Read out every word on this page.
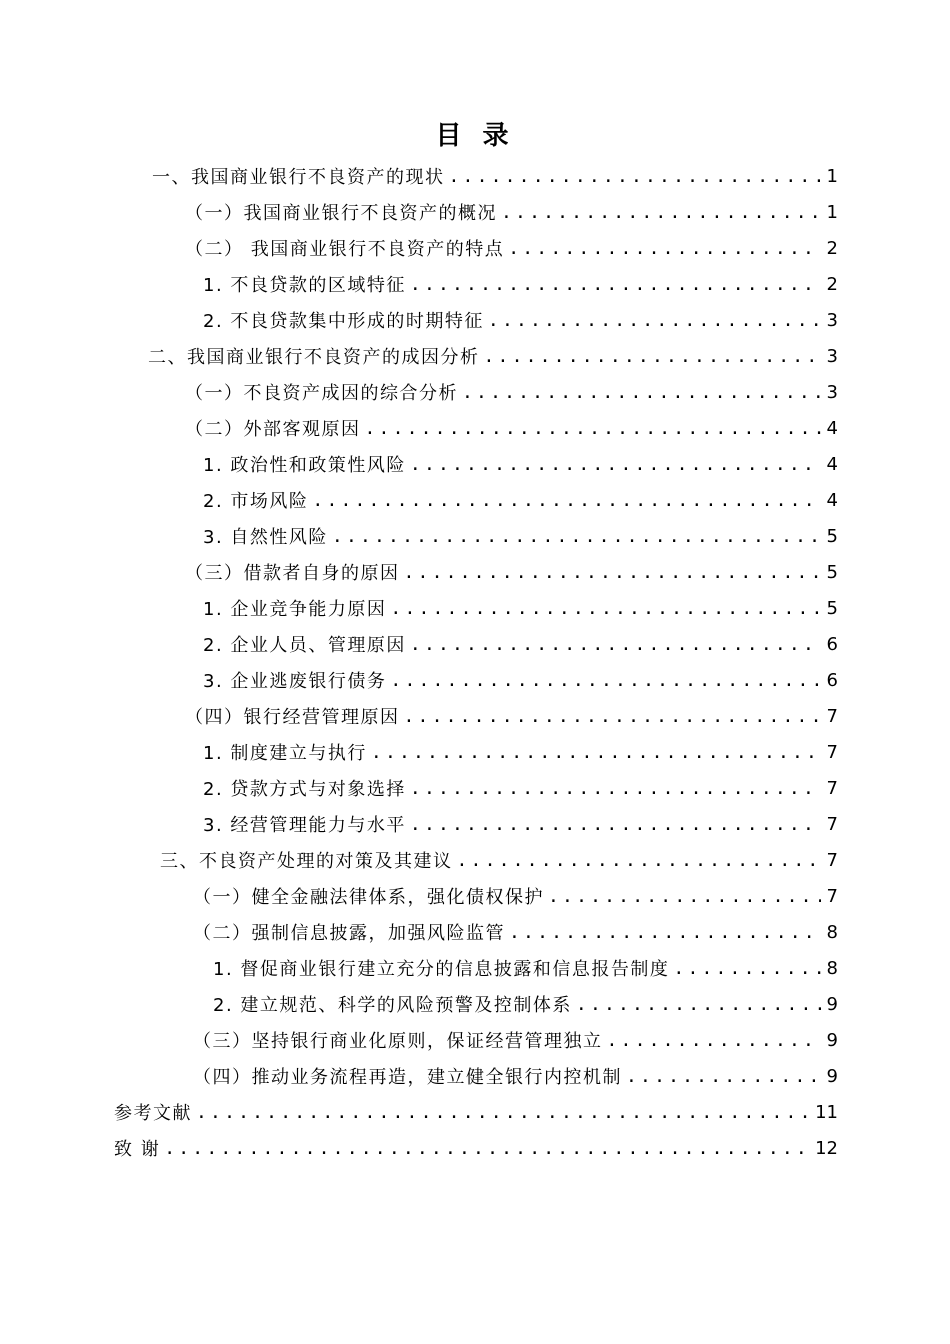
目 录
一、我国商业银行不良资产的现状 .....	1
（一）我国商业银行不良资产的概况 .....	1
（二） 我国商业银行不良资产的特点 .....	2
1. 不良贷款的区域特征 .....	2
2. 不良贷款集中形成的时期特征 .....	3
二、我国商业银行不良资产的成因分析 .....	3
（一）不良资产成因的综合分析 .....	3
（二）外部客观原因 .....	4
1. 政治性和政策性风险 .....	4
2. 市场风险 .....	4
3. 自然性风险 .....	5
（三）借款者自身的原因 .....	5
1. 企业竞争能力原因 .....	5
2. 企业人员、管理原因 .....	6
3. 企业逃废银行债务 .....	6
（四）银行经营管理原因 .....	7
1. 制度建立与执行 .....	7
2. 贷款方式与对象选择 .....	7
3. 经营管理能力与水平 .....	7
三、不良资产处理的对策及其建议 .....	7
（一）健全金融法律体系，强化债权保护 .....	7
（二）强制信息披露，加强风险监管 .....	8
1. 督促商业银行建立充分的信息披露和信息报告制度 .....	8
2. 建立规范、科学的风险预警及控制体系 .....	9
（三）坚持银行商业化原则，保证经营管理独立 .....	9
（四）推动业务流程再造，建立健全银行内控机制 .....	9
参考文献 .....	11
致 谢 .....	12
